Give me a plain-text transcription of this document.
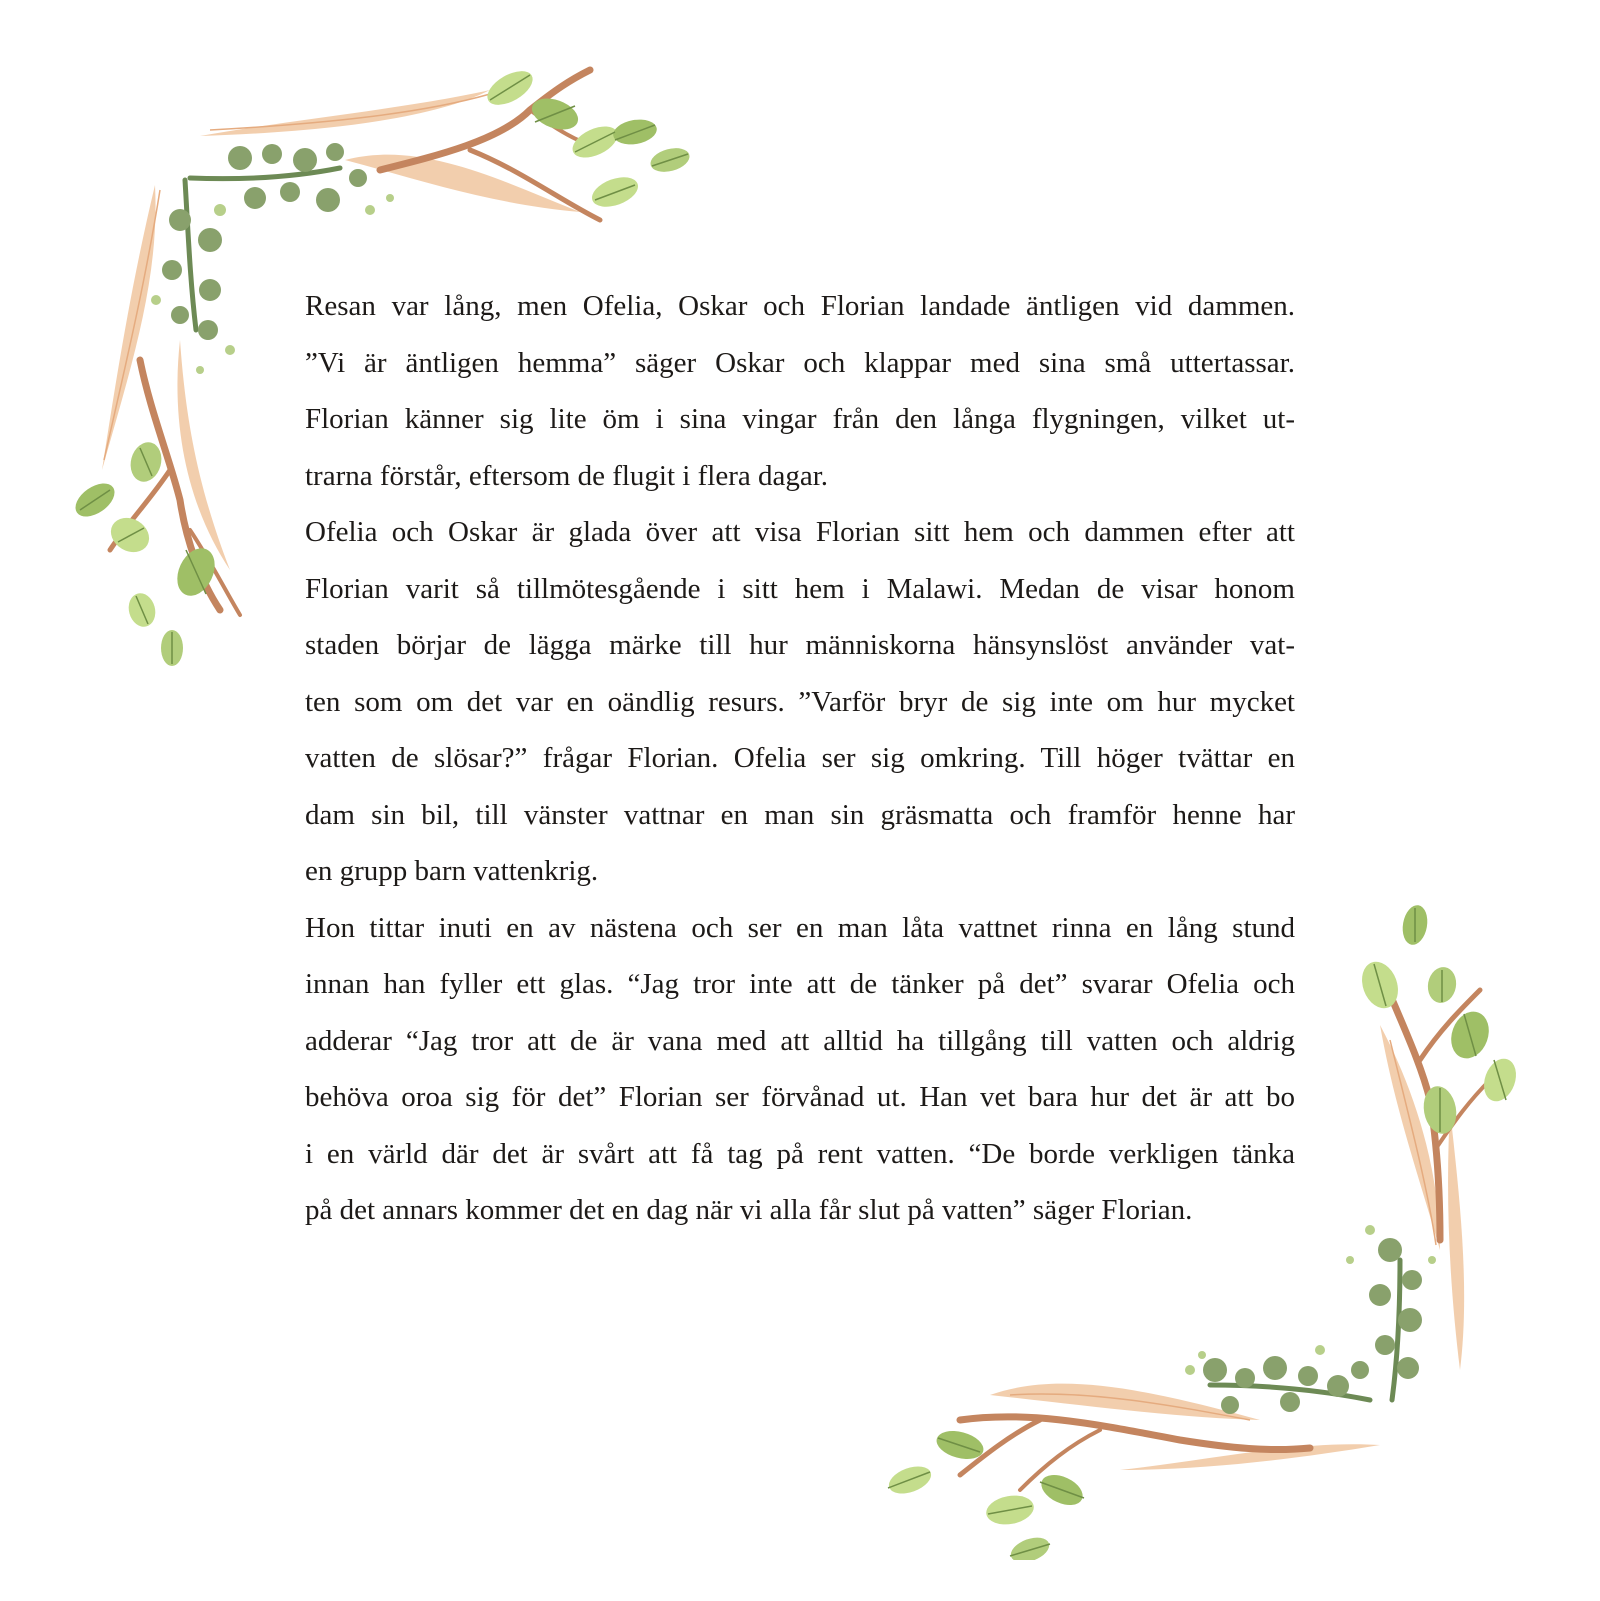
Resan var lång, men Ofelia, Oskar och Florian landade äntligen vid dammen.
”Vi är äntligen hemma” säger Oskar och klappar med sina små uttertassar.
Florian känner sig lite öm i sina vingar från den långa flygningen, vilket ut-
trarna förstår, eftersom de flugit i flera dagar.
Ofelia och Oskar är glada över att visa Florian sitt hem och dammen efter att
Florian varit så tillmötesgående i sitt hem i Malawi. Medan de visar honom
staden börjar de lägga märke till hur människorna hänsynslöst använder vat-
ten som om det var en oändlig resurs. ”Varför bryr de sig inte om hur mycket
vatten de slösar?” frågar Florian. Ofelia ser sig omkring. Till höger tvättar en
dam sin bil, till vänster vattnar en man sin gräsmatta och framför henne har
en grupp barn vattenkrig.
Hon tittar inuti en av nästena och ser en man låta vattnet rinna en lång stund
innan han fyller ett glas. “Jag tror inte att de tänker på det” svarar Ofelia och
adderar “Jag tror att de är vana med att alltid ha tillgång till vatten och aldrig
behöva oroa sig för det” Florian ser förvånad ut. Han vet bara hur det är att bo
i en värld där det är svårt att få tag på rent vatten. “De borde verkligen tänka
på det annars kommer det en dag när vi alla får slut på vatten” säger Florian.
